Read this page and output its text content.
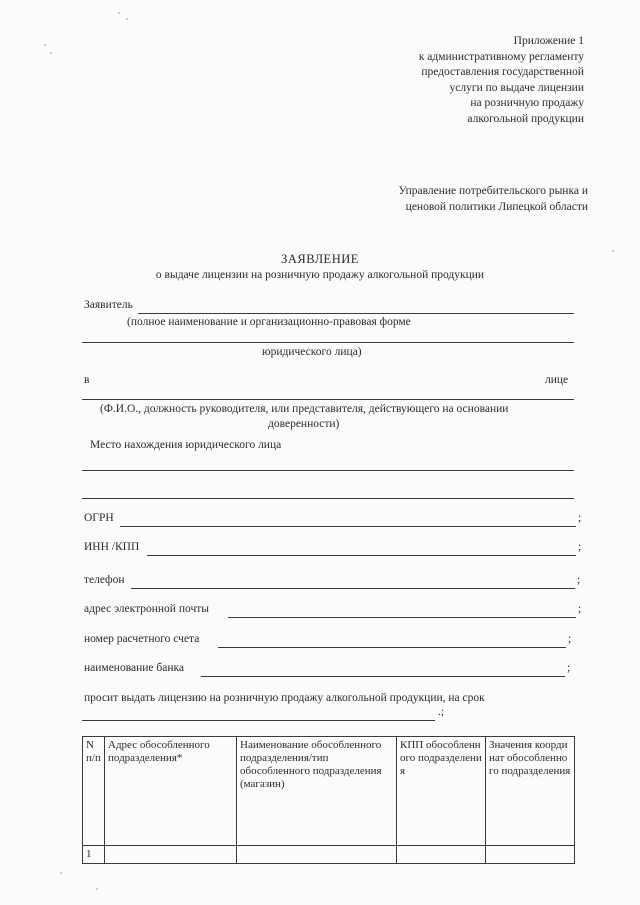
Приложение 1
к административному регламенту
предоставления государственной
услуги по выдаче лицензии
на розничную продажу
алкогольной продукции
Управление потребительского рынка и
ценовой политики Липецкой области
ЗАЯВЛЕНИЕ
о выдаче лицензии на розничную продажу алкогольной продукции
Заявитель
(полное наименование и организационно-правовая форме
юридического лица)
в	лице
(Ф.И.О., должность руководителя, или представителя, действующего на основании
доверенности)
Место нахождения юридического лица
ОГРН	;
ИНН /КПП	;
телефон	;
адрес электронной почты	;
номер расчетного счета	;
наименование банка	;
просит выдать лицензию на розничную продажу алкогольной продукции, на срок
.;
N п/п	Адрес обособленного подразделения*	Наименование обособленного подразделения/тип обособленного подразделения (магазин)	КПП обособленного подразделения	Значения координат обособленного подразделения
1				
